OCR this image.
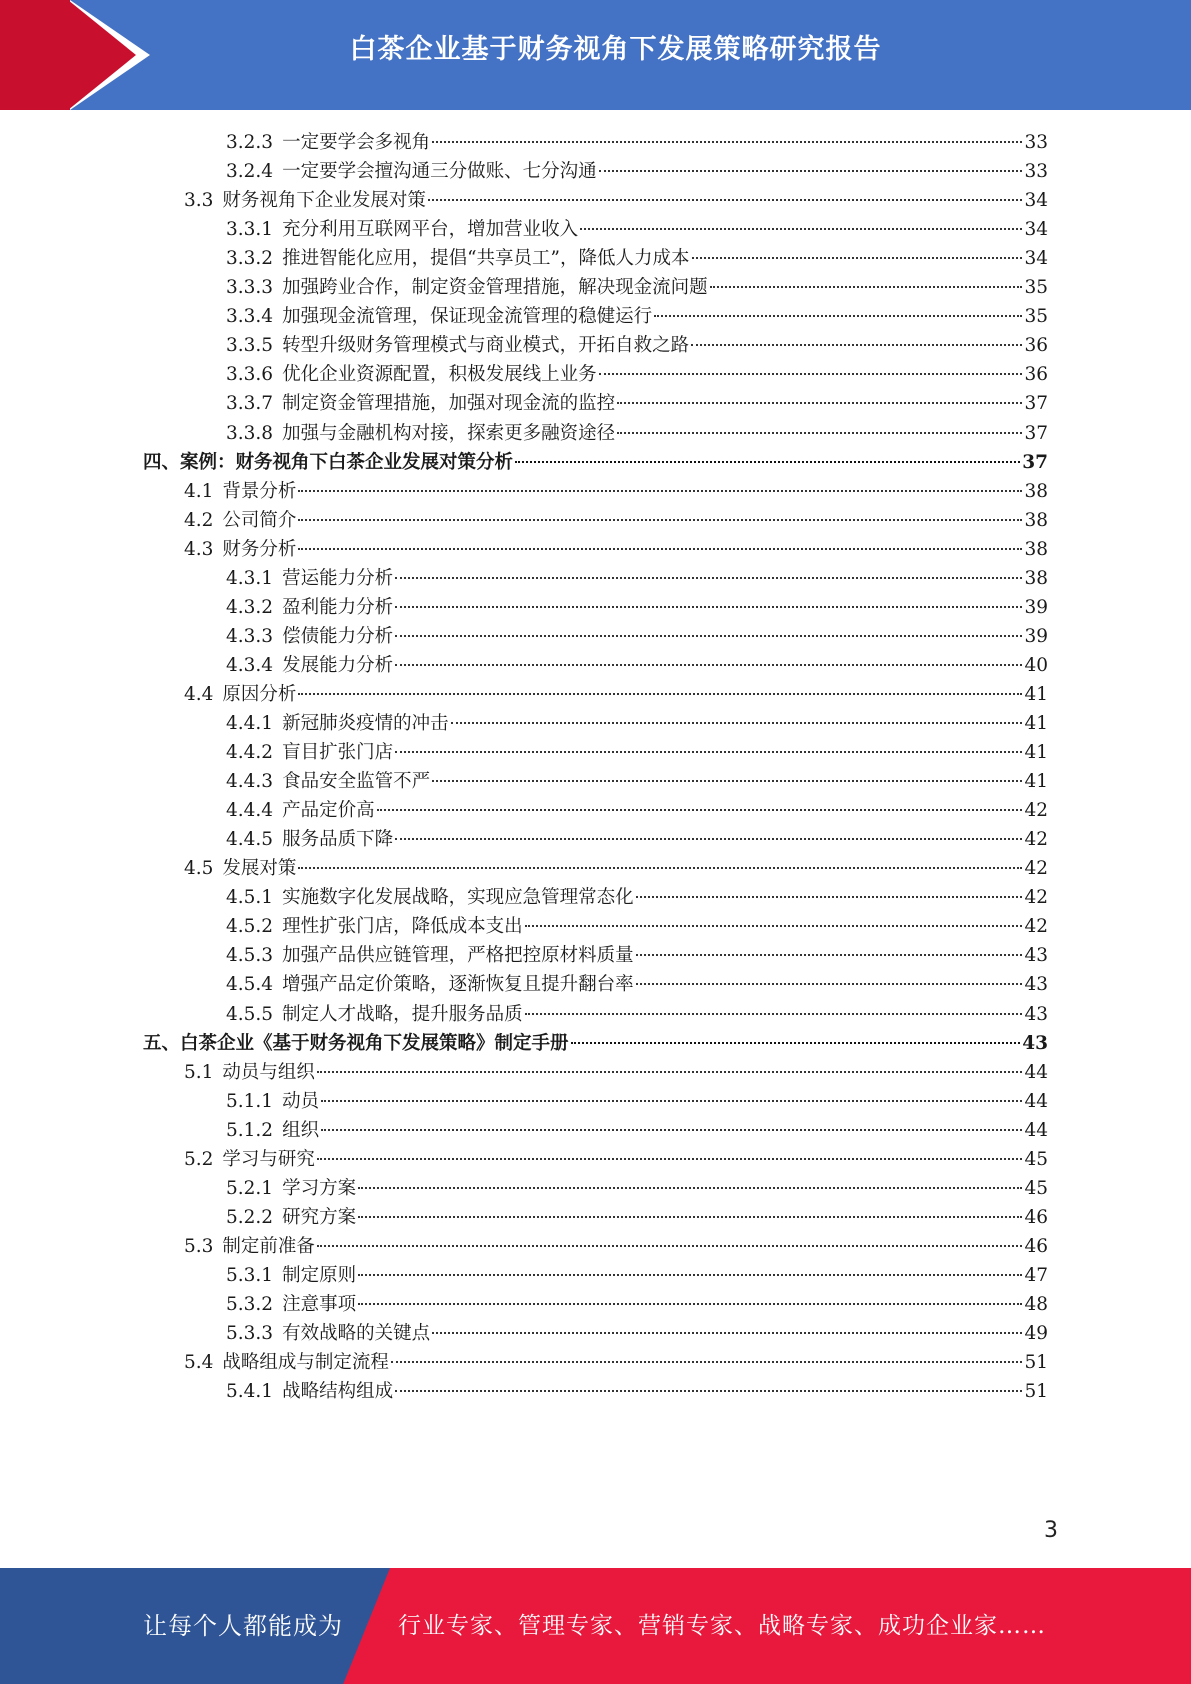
白茶企业基于财务视角下发展策略研究报告
3.2.3 一定要学会多视角	33
3.2.4 一定要学会擅沟通三分做账、七分沟通	33
3.3 财务视角下企业发展对策	34
3.3.1 充分利用互联网平台，增加营业收入	34
3.3.2 推进智能化应用，提倡“共享员工”，降低人力成本	34
3.3.3 加强跨业合作，制定资金管理措施，解决现金流问题	35
3.3.4 加强现金流管理，保证现金流管理的稳健运行	35
3.3.5 转型升级财务管理模式与商业模式，开拓自救之路	36
3.3.6 优化企业资源配置，积极发展线上业务	36
3.3.7 制定资金管理措施，加强对现金流的监控	37
3.3.8 加强与金融机构对接，探索更多融资途径	37
四、案例：财务视角下白茶企业发展对策分析	37
4.1 背景分析	38
4.2 公司简介	38
4.3 财务分析	38
4.3.1 营运能力分析	38
4.3.2 盈利能力分析	39
4.3.3 偿债能力分析	39
4.3.4 发展能力分析	40
4.4 原因分析	41
4.4.1 新冠肺炎疫情的冲击	41
4.4.2 盲目扩张门店	41
4.4.3 食品安全监管不严	41
4.4.4 产品定价高	42
4.4.5 服务品质下降	42
4.5 发展对策	42
4.5.1 实施数字化发展战略，实现应急管理常态化	42
4.5.2 理性扩张门店，降低成本支出	42
4.5.3 加强产品供应链管理，严格把控原材料质量	43
4.5.4 增强产品定价策略，逐渐恢复且提升翻台率	43
4.5.5 制定人才战略，提升服务品质	43
五、白茶企业《基于财务视角下发展策略》制定手册	43
5.1 动员与组织	44
5.1.1 动员	44
5.1.2 组织	44
5.2 学习与研究	45
5.2.1 学习方案	45
5.2.2 研究方案	46
5.3 制定前准备	46
5.3.1 制定原则	47
5.3.2 注意事项	48
5.3.3 有效战略的关键点	49
5.4 战略组成与制定流程	51
5.4.1 战略结构组成	51
3
让每个人都能成为 行业专家、管理专家、营销专家、战略专家、成功企业家……
